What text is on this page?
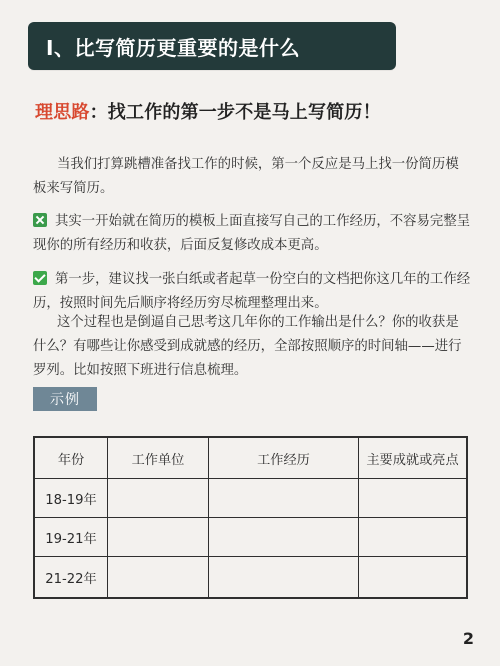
I、比写简历更重要的是什么
理思路：找工作的第一步不是马上写简历！
当我们打算跳槽准备找工作的时候，第一个反应是马上找一份简历模板来写简历。
其实一开始就在简历的模板上面直接写自己的工作经历，不容易完整呈现你的所有经历和收获，后面反复修改成本更高。
第一步，建议找一张白纸或者起草一份空白的文档把你这几年的工作经历，按照时间先后顺序将经历穷尽梳理整理出来。
这个过程也是倒逼自己思考这几年你的工作输出是什么？你的收获是什么？有哪些让你感受到成就感的经历，全部按照顺序的时间轴——进行罗列。比如按照下班进行信息梳理。
示例
年份	工作单位	工作经历	主要成就或亮点
18-19年
19-21年
21-22年
2
